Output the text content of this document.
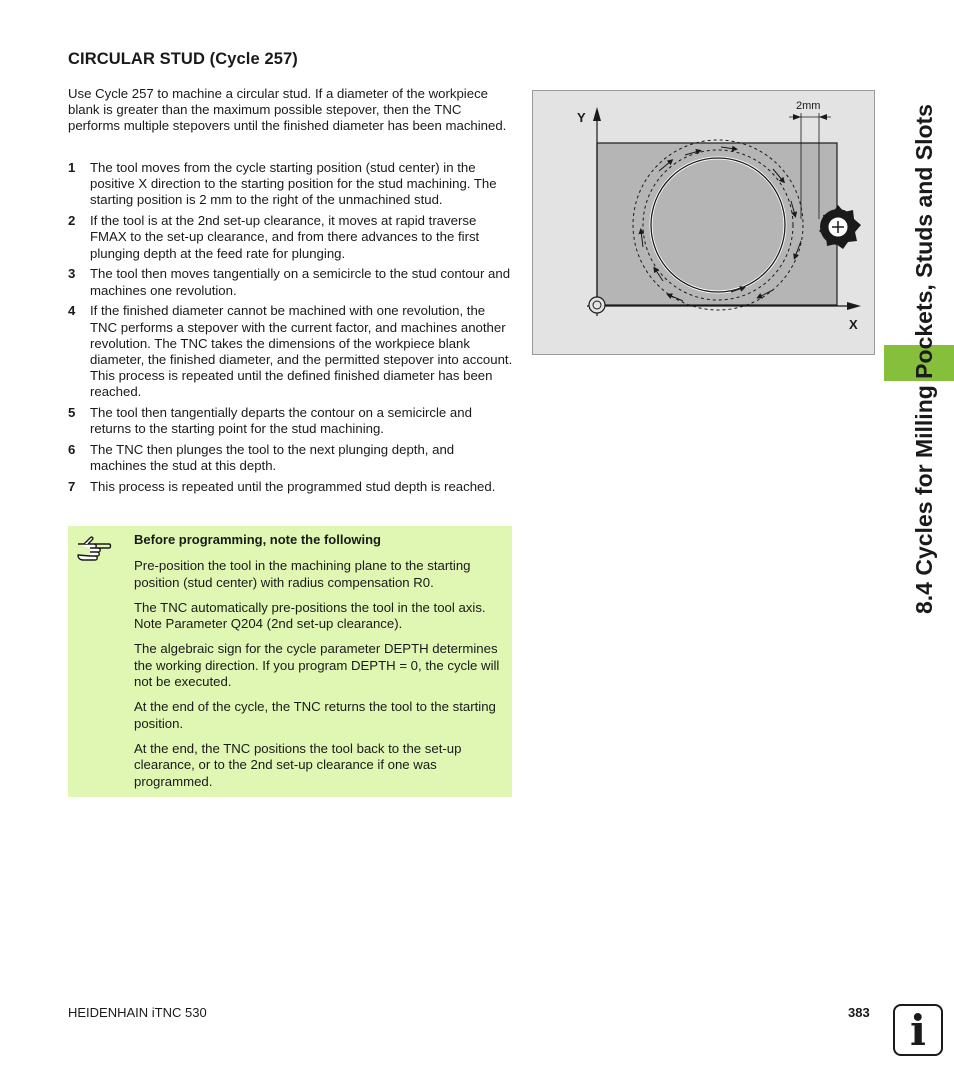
CIRCULAR STUD (Cycle 257)
Use Cycle 257 to machine a circular stud. If a diameter of the workpiece blank is greater than the maximum possible stepover, then the TNC performs multiple stepovers until the finished diameter has been machined.
1	The tool moves from the cycle starting position (stud center) in the positive X direction to the starting position for the stud machining. The starting position is 2 mm to the right of the unmachined stud.
2	If the tool is at the 2nd set-up clearance, it moves at rapid traverse FMAX to the set-up clearance, and from there advances to the first plunging depth at the feed rate for plunging.
3	The tool then moves tangentially on a semicircle to the stud contour and machines one revolution.
4	If the finished diameter cannot be machined with one revolution, the TNC performs a stepover with the current factor, and machines another revolution. The TNC takes the dimensions of the workpiece blank diameter, the finished diameter, and the permitted stepover into account. This process is repeated until the defined finished diameter has been reached.
5	The tool then tangentially departs the contour on a semicircle and returns to the starting point for the stud machining.
6	The TNC then plunges the tool to the next plunging depth, and machines the stud at this depth.
7	This process is repeated until the programmed stud depth is reached.
Before programming, note the following

Pre-position the tool in the machining plane to the starting position (stud center) with radius compensation R0.

The TNC automatically pre-positions the tool in the tool axis. Note Parameter Q204 (2nd set-up clearance).

The algebraic sign for the cycle parameter DEPTH determines the working direction. If you program DEPTH = 0, the cycle will not be executed.

At the end of the cycle, the TNC returns the tool to the starting position.

At the end, the TNC positions the tool back to the set-up clearance, or to the 2nd set-up clearance if one was programmed.

Y
X
2mm	8.4 Cycles for Milling Pockets, Studs and Slots
HEIDENHAIN iTNC 530	383 i
